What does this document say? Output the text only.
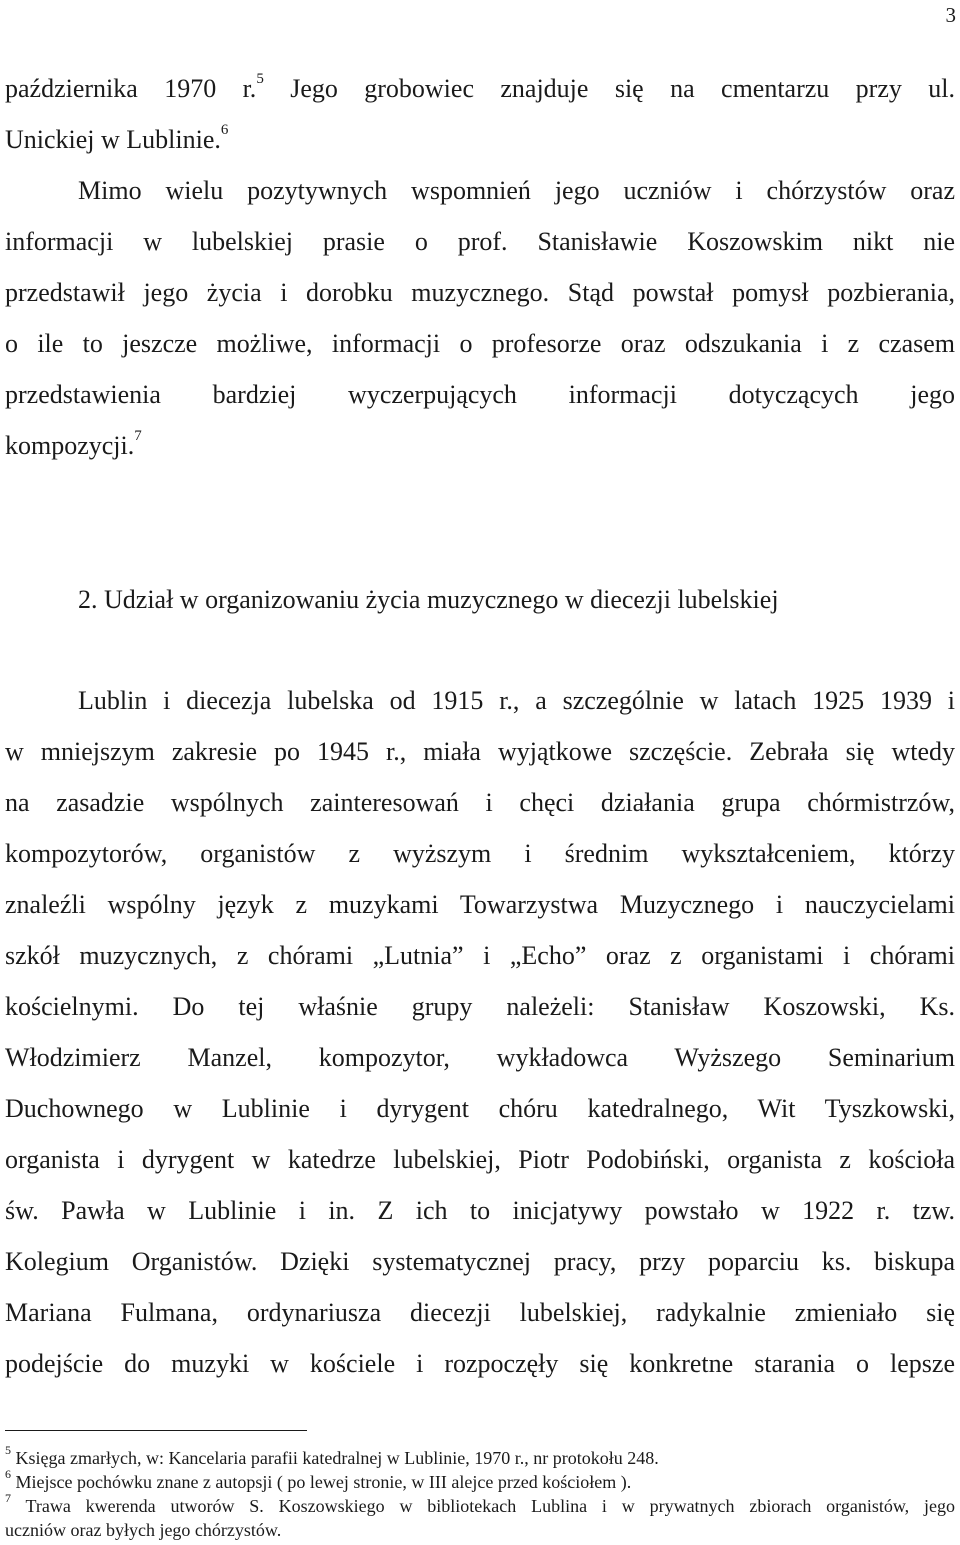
3
października 1970 r.$^5$ Jego grobowiec znajduje się na cmentarzu przy ul.
Unickiej w Lublinie.$^6$
Mimo wielu pozytywnych wspomnień jego uczniów i chórzystów oraz
informacji w lubelskiej prasie o prof. Stanisławie Koszowskim nikt nie
przedstawił jego życia i dorobku muzycznego. Stąd powstał pomysł pozbierania,
o ile to jeszcze możliwe, informacji o profesorze oraz odszukania i z czasem
przedstawienia bardziej wyczerpujących informacji dotyczących jego
kompozycji.$^7$
2. Udział w organizowaniu życia muzycznego w diecezji lubelskiej
Lublin i diecezja lubelska od 1915 r., a szczególnie w latach 1925 1939 i
w mniejszym zakresie po 1945 r., miała wyjątkowe szczęście. Zebrała się wtedy
na zasadzie wspólnych zainteresowań i chęci działania grupa chórmistrzów,
kompozytorów, organistów z wyższym i średnim wykształceniem, którzy
znaleźli wspólny język z muzykami Towarzystwa Muzycznego i nauczycielami
szkół muzycznych, z chórami „Lutnia” i „Echo” oraz z organistami i chórami
kościelnymi. Do tej właśnie grupy należeli: Stanisław Koszowski, Ks.
Włodzimierz Manzel, kompozytor, wykładowca Wyższego Seminarium
Duchownego w Lublinie i dyrygent chóru katedralnego, Wit Tyszkowski,
organista i dyrygent w katedrze lubelskiej, Piotr Podobiński, organista z kościoła
św. Pawła w Lublinie i in. Z ich to inicjatywy powstało w 1922 r. tzw.
Kolegium Organistów. Dzięki systematycznej pracy, przy poparciu ks. biskupa
Mariana Fulmana, ordynariusza diecezji lubelskiej, radykalnie zmieniało się
podejście do muzyki w kościele i rozpoczęły się konkretne starania o lepsze
$^5$ Księga zmarłych, w: Kancelaria parafii katedralnej w Lublinie, 1970 r., nr protokołu 248.
$^6$ Miejsce pochówku znane z autopsji ( po lewej stronie, w III alejce przed kościołem ).
$^7$ Trawa kwerenda utworów S. Koszowskiego w bibliotekach Lublina i w prywatnych zbiorach organistów, jego
uczniów oraz byłych jego chórzystów.
